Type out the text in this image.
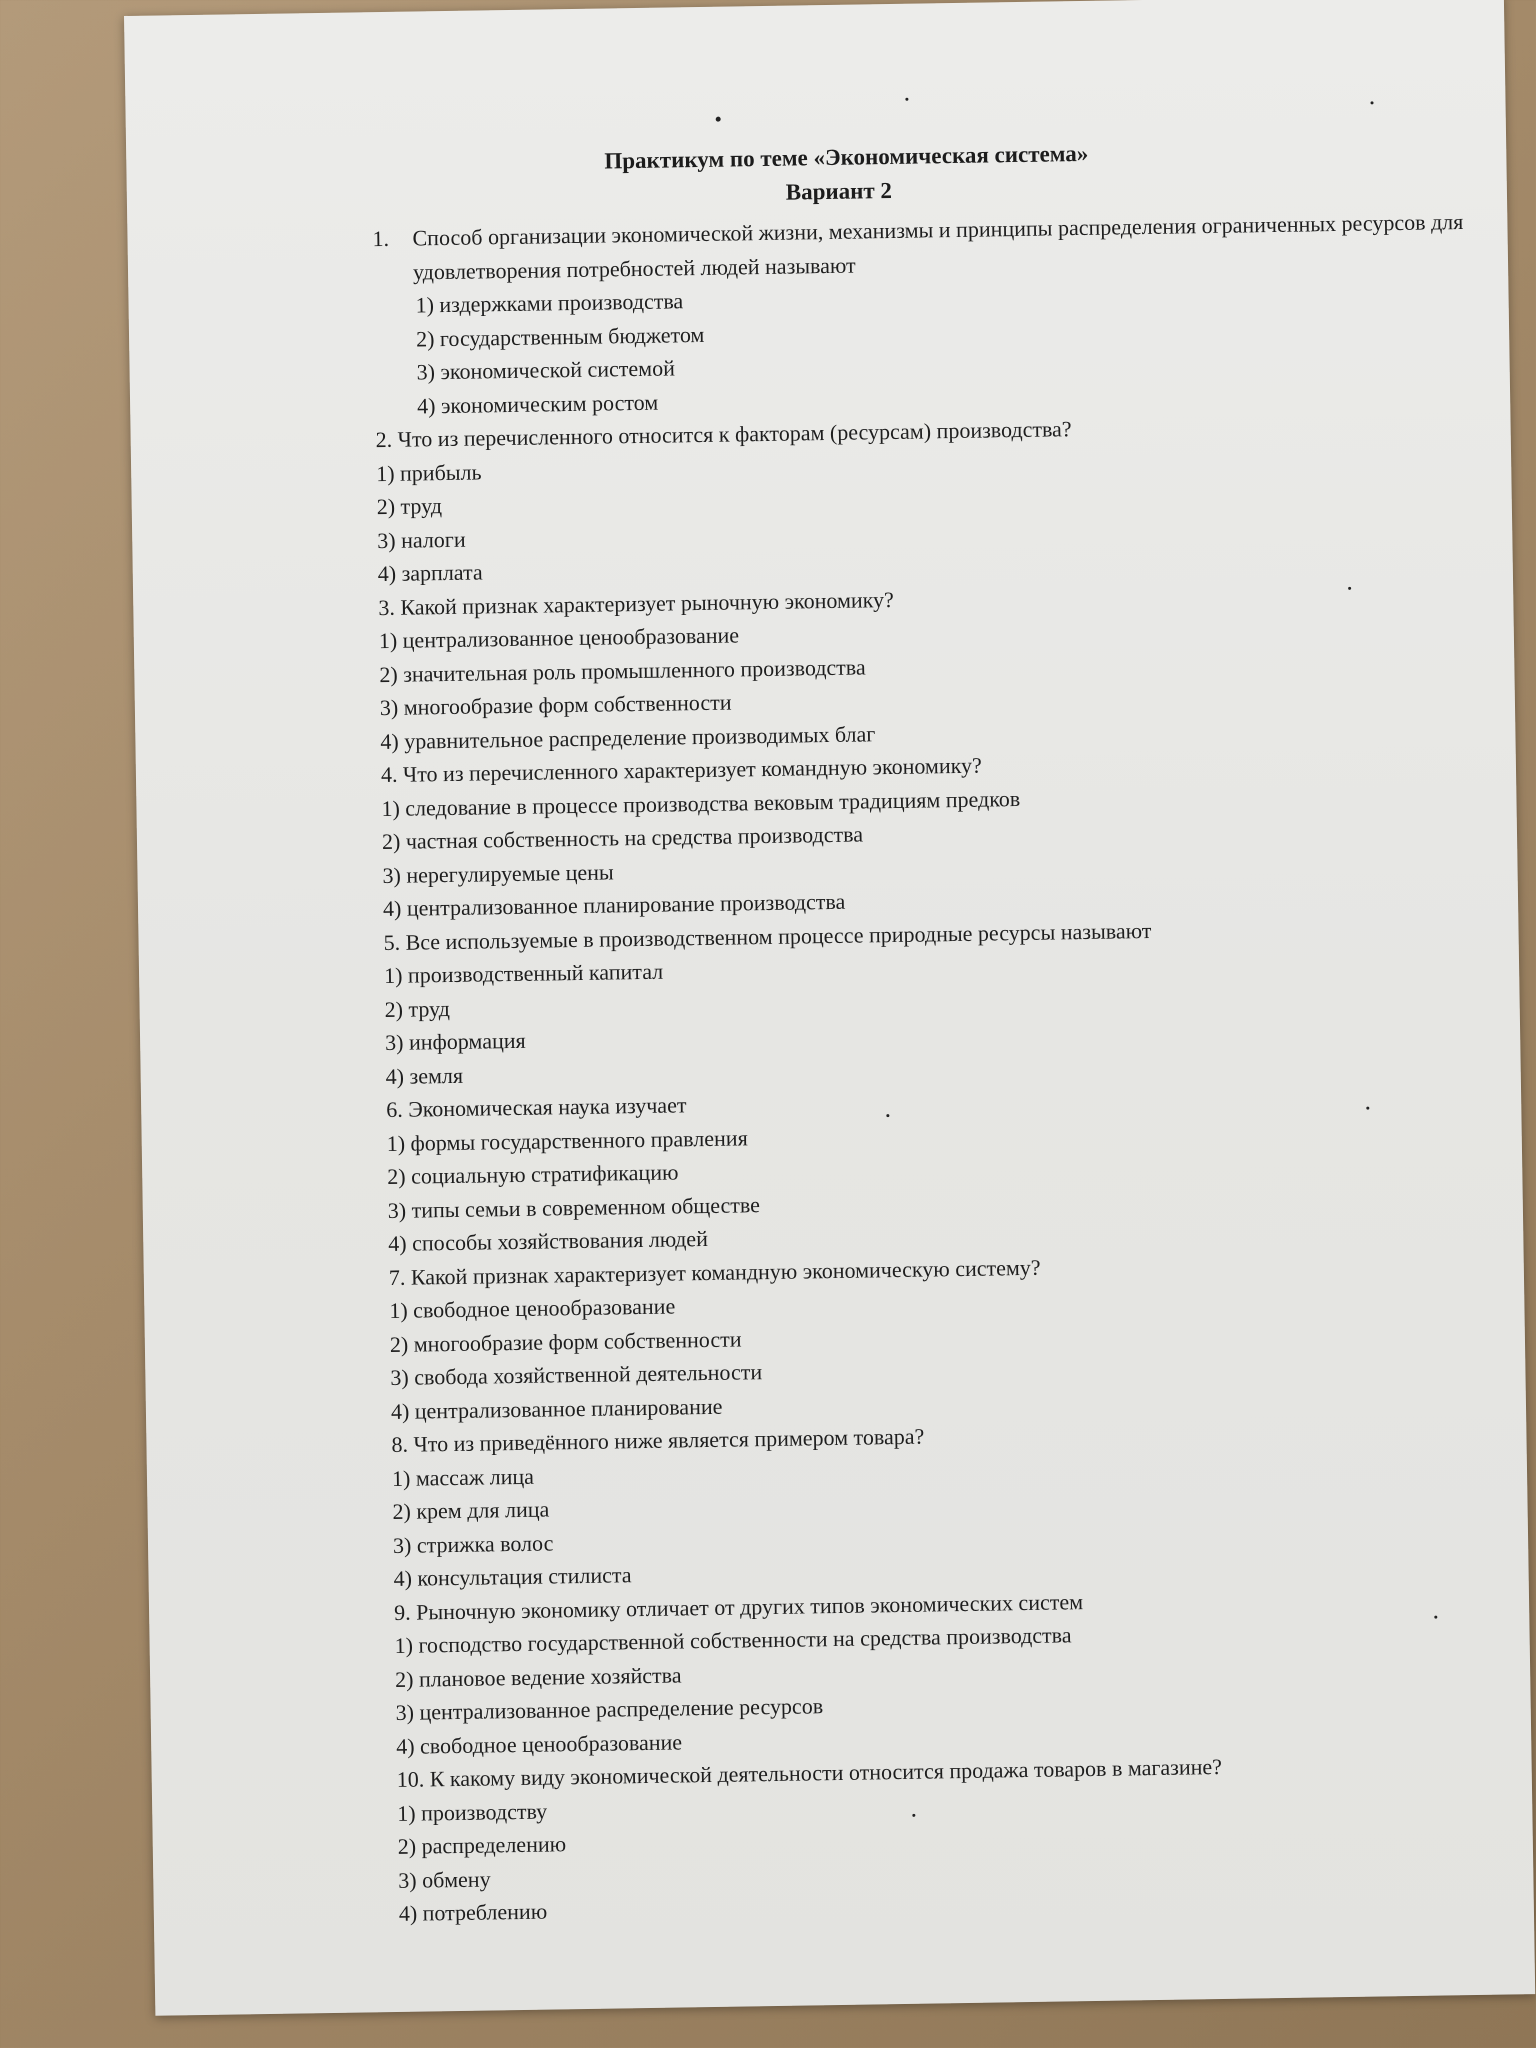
Практикум по теме «Экономическая система»
Вариант 2
1.	Способ организации экономической жизни, механизмы и принципы распределения ограниченных ресурсов для удовлетворения потребностей людей называют
1) издержками производства
2) государственным бюджетом
3) экономической системой
4) экономическим ростом
2. Что из перечисленного относится к факторам (ресурсам) производства?
1) прибыль
2) труд
3) налоги
4) зарплата
3. Какой признак характеризует рыночную экономику?
1) централизованное ценообразование
2) значительная роль промышленного производства
3) многообразие форм собственности
4) уравнительное распределение производимых благ
4. Что из перечисленного характеризует командную экономику?
1) следование в процессе производства вековым традициям предков
2) частная собственность на средства производства
3) нерегулируемые цены
4) централизованное планирование производства
5. Все используемые в производственном процессе природные ресурсы называют
1) производственный капитал
2) труд
3) информация
4) земля
6. Экономическая наука изучает
1) формы государственного правления
2) социальную стратификацию
3) типы семьи в современном обществе
4) способы хозяйствования людей
7. Какой признак характеризует командную экономическую систему?
1) свободное ценообразование
2) многообразие форм собственности
3) свобода хозяйственной деятельности
4) централизованное планирование
8. Что из приведённого ниже является примером товара?
1) массаж лица
2) крем для лица
3) стрижка волос
4) консультация стилиста
9. Рыночную экономику отличает от других типов экономических систем
1) господство государственной собственности на средства производства
2) плановое ведение хозяйства
3) централизованное распределение ресурсов
4) свободное ценообразование
10. К какому виду экономической деятельности относится продажа товаров в магазине?
1) производству
2) распределению
3) обмену
4) потреблению
